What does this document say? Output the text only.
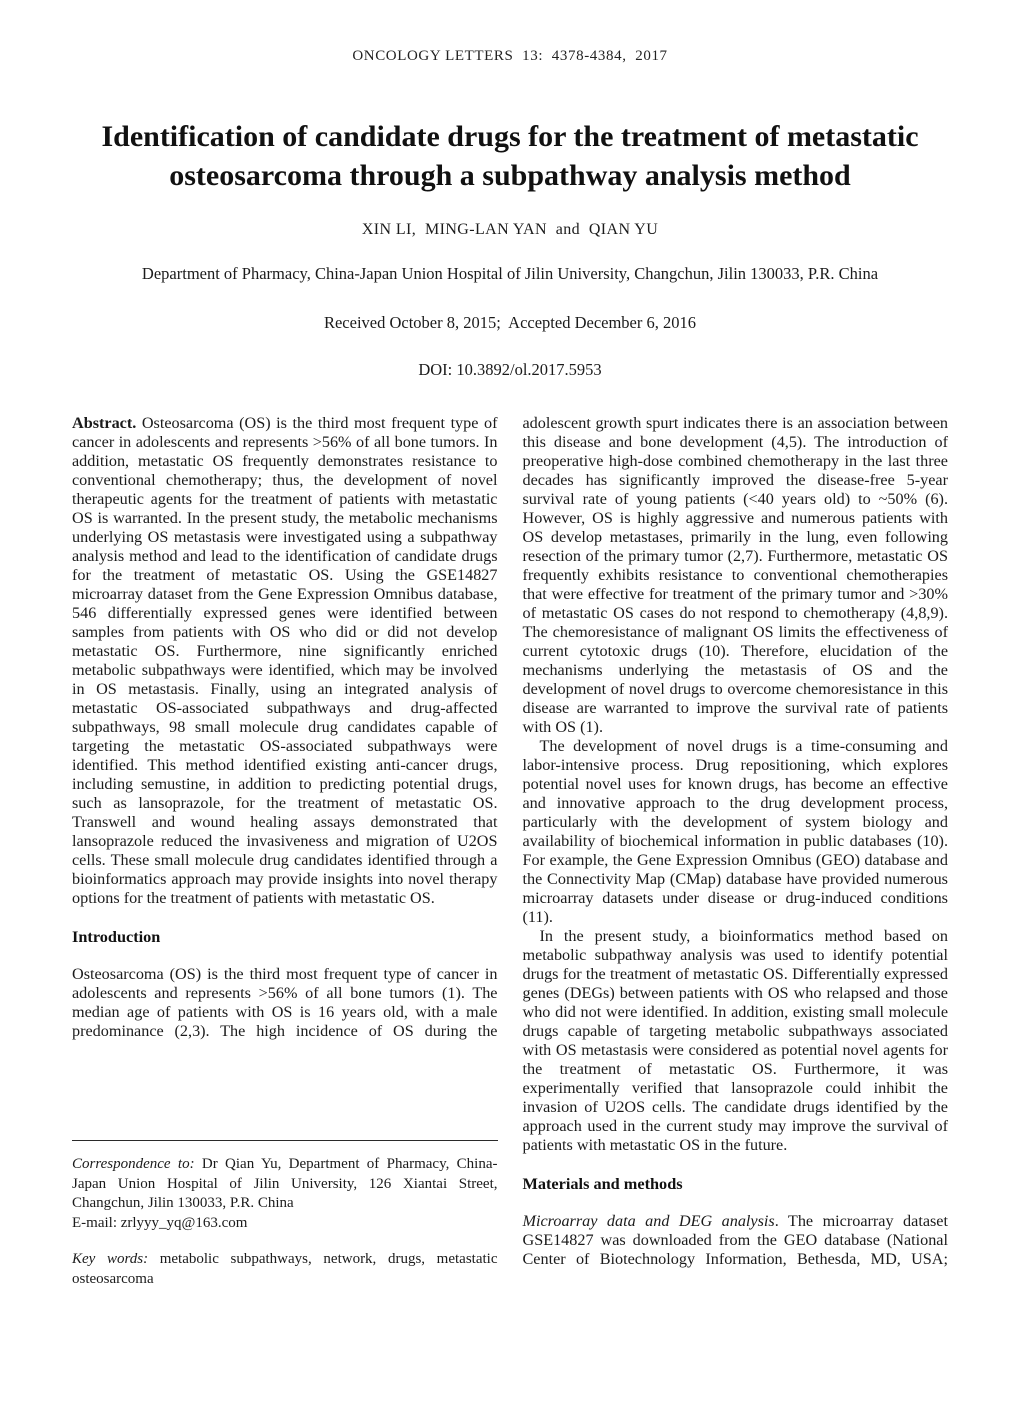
ONCOLOGY LETTERS  13:  4378-4384,  2017
Identification of candidate drugs for the treatment of metastatic
osteosarcoma through a subpathway analysis method
XIN LI,  MING-LAN YAN  and  QIAN YU
Department of Pharmacy, China-Japan Union Hospital of Jilin University, Changchun, Jilin 130033, P.R. China
Received October 8, 2015;  Accepted December 6, 2016
DOI: 10.3892/ol.2017.5953

Abstract. Osteosarcoma (OS) is the third most frequent type of cancer in adolescents and represents >56% of all bone tumors. In addition, metastatic OS frequently demonstrates resistance to conventional chemotherapy; thus, the development of novel therapeutic agents for the treatment of patients with metastatic OS is warranted. In the present study, the metabolic mechanisms underlying OS metastasis were investigated using a subpathway analysis method and lead to the identification of candidate drugs for the treatment of metastatic OS. Using the GSE14827 microarray dataset from the Gene Expression Omnibus database, 546 differentially expressed genes were identified between samples from patients with OS who did or did not develop metastatic OS. Furthermore, nine significantly enriched metabolic subpathways were identified, which may be involved in OS metastasis. Finally, using an integrated analysis of metastatic OS-associated subpathways and drug-affected subpathways, 98 small molecule drug candidates capable of targeting the metastatic OS-associated subpathways were identified. This method identified existing anti-cancer drugs, including semustine, in addition to predicting potential drugs, such as lansoprazole, for the treatment of metastatic OS. Transwell and wound healing assays demonstrated that lansoprazole reduced the invasiveness and migration of U2OS cells. These small molecule drug candidates identified through a bioinformatics approach may provide insights into novel therapy options for the treatment of patients with metastatic OS.

Introduction

Osteosarcoma (OS) is the third most frequent type of cancer in adolescents and represents >56% of all bone tumors (1). The median age of patients with OS is 16 years old, with a male predominance (2,3). The high incidence of OS during the

Correspondence to: Dr Qian Yu, Department of Pharmacy, China-Japan Union Hospital of Jilin University, 126 Xiantai Street, Changchun, Jilin 130033, P.R. China

E-mail: zrlyyy_yq@163.com

Key words: metabolic subpathways, network, drugs, metastatic osteosarcoma

adolescent growth spurt indicates there is an association between this disease and bone development (4,5). The introduction of preoperative high-dose combined chemotherapy in the last three decades has significantly improved the disease-free 5-year survival rate of young patients (<40 years old) to ~50% (6). However, OS is highly aggressive and numerous patients with OS develop metastases, primarily in the lung, even following resection of the primary tumor (2,7). Furthermore, metastatic OS frequently exhibits resistance to conventional chemotherapies that were effective for treatment of the primary tumor and >30% of metastatic OS cases do not respond to chemotherapy (4,8,9). The chemoresistance of malignant OS limits the effectiveness of current cytotoxic drugs (10). Therefore, elucidation of the mechanisms underlying the metastasis of OS and the development of novel drugs to overcome chemoresistance in this disease are warranted to improve the survival rate of patients with OS (1).

The development of novel drugs is a time-consuming and labor-intensive process. Drug repositioning, which explores potential novel uses for known drugs, has become an effective and innovative approach to the drug development process, particularly with the development of system biology and availability of biochemical information in public databases (10). For example, the Gene Expression Omnibus (GEO) database and the Connectivity Map (CMap) database have provided numerous microarray datasets under disease or drug-induced conditions (11).

In the present study, a bioinformatics method based on metabolic subpathway analysis was used to identify potential drugs for the treatment of metastatic OS. Differentially expressed genes (DEGs) between patients with OS who relapsed and those who did not were identified. In addition, existing small molecule drugs capable of targeting metabolic subpathways associated with OS metastasis were considered as potential novel agents for the treatment of metastatic OS. Furthermore, it was experimentally verified that lansoprazole could inhibit the invasion of U2OS cells. The candidate drugs identified by the approach used in the current study may improve the survival of patients with metastatic OS in the future.

Materials and methods

Microarray data and DEG analysis. The microarray dataset GSE14827 was downloaded from the GEO database (National Center of Biotechnology Information, Bethesda, MD, USA;
